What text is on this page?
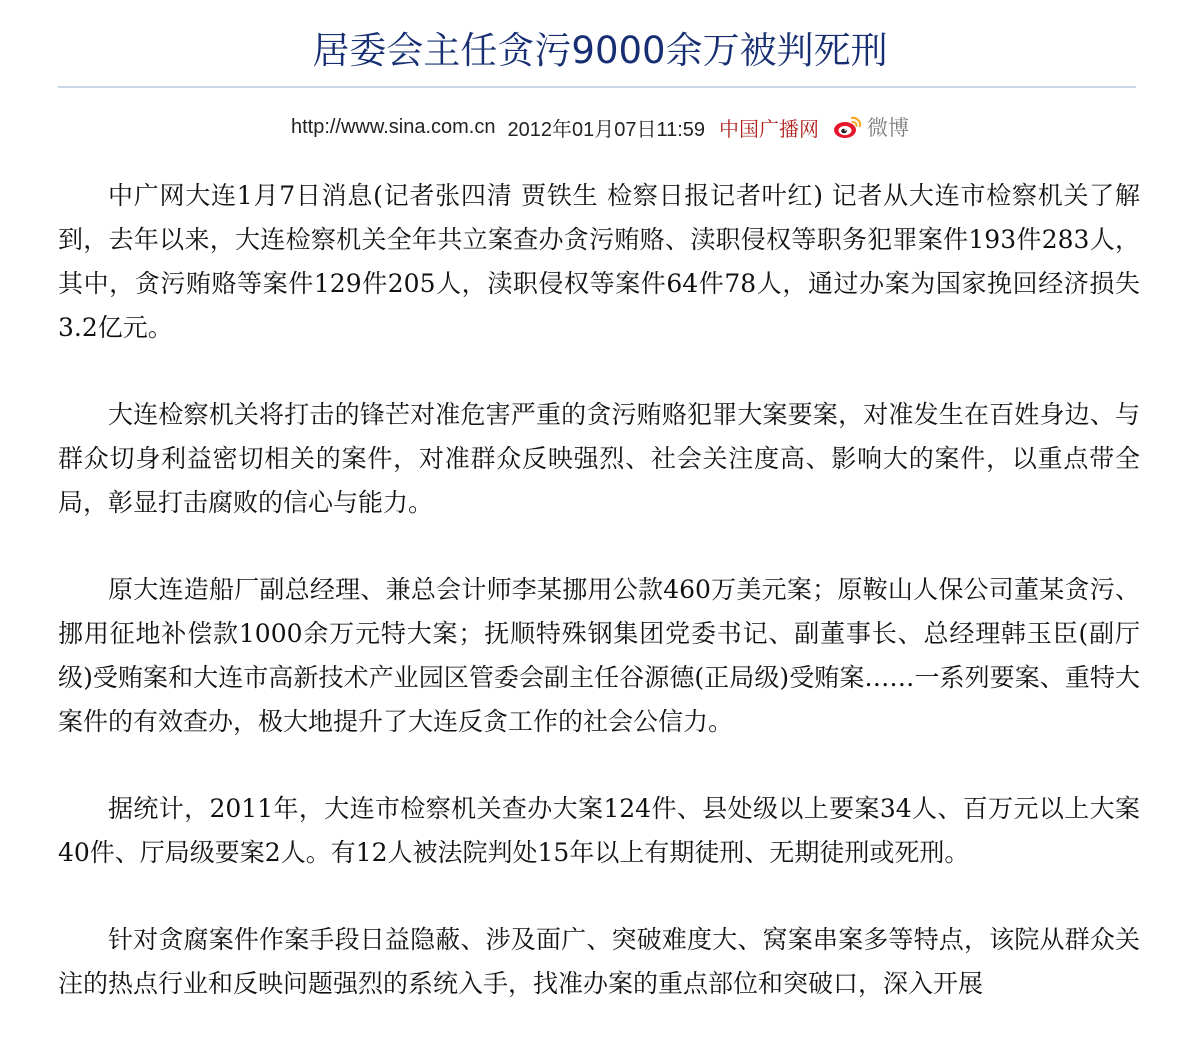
居委会主任贪污9000余万被判死刑
http://www.sina.com.cn 2012年01月07日11:59 中国广播网 微博

中广网大连1月7日消息(记者张四清 贾铁生 检察日报记者叶红) 记者从大连市检察机关了解到，去年以来，大连检察机关全年共立案查办贪污贿赂、渎职侵权等职务犯罪案件193件283人，其中，贪污贿赂等案件129件205人，渎职侵权等案件64件78人，通过办案为国家挽回经济损失3.2亿元。

大连检察机关将打击的锋芒对准危害严重的贪污贿赂犯罪大案要案，对准发生在百姓身边、与群众切身利益密切相关的案件，对准群众反映强烈、社会关注度高、影响大的案件，以重点带全局，彰显打击腐败的信心与能力。

原大连造船厂副总经理、兼总会计师李某挪用公款460万美元案；原鞍山人保公司董某贪污、挪用征地补偿款1000余万元特大案；抚顺特殊钢集团党委书记、副董事长、总经理韩玉臣(副厅级)受贿案和大连市高新技术产业园区管委会副主任谷源德(正局级)受贿案……一系列要案、重特大案件的有效查办，极大地提升了大连反贪工作的社会公信力。

据统计，2011年，大连市检察机关查办大案124件、县处级以上要案34人、百万元以上大案40件、厅局级要案2人。有12人被法院判处15年以上有期徒刑、无期徒刑或死刑。

针对贪腐案件作案手段日益隐蔽、涉及面广、突破难度大、窝案串案多等特点，该院从群众关注的热点行业和反映问题强烈的系统入手，找准办案的重点部位和突破口，深入开展
